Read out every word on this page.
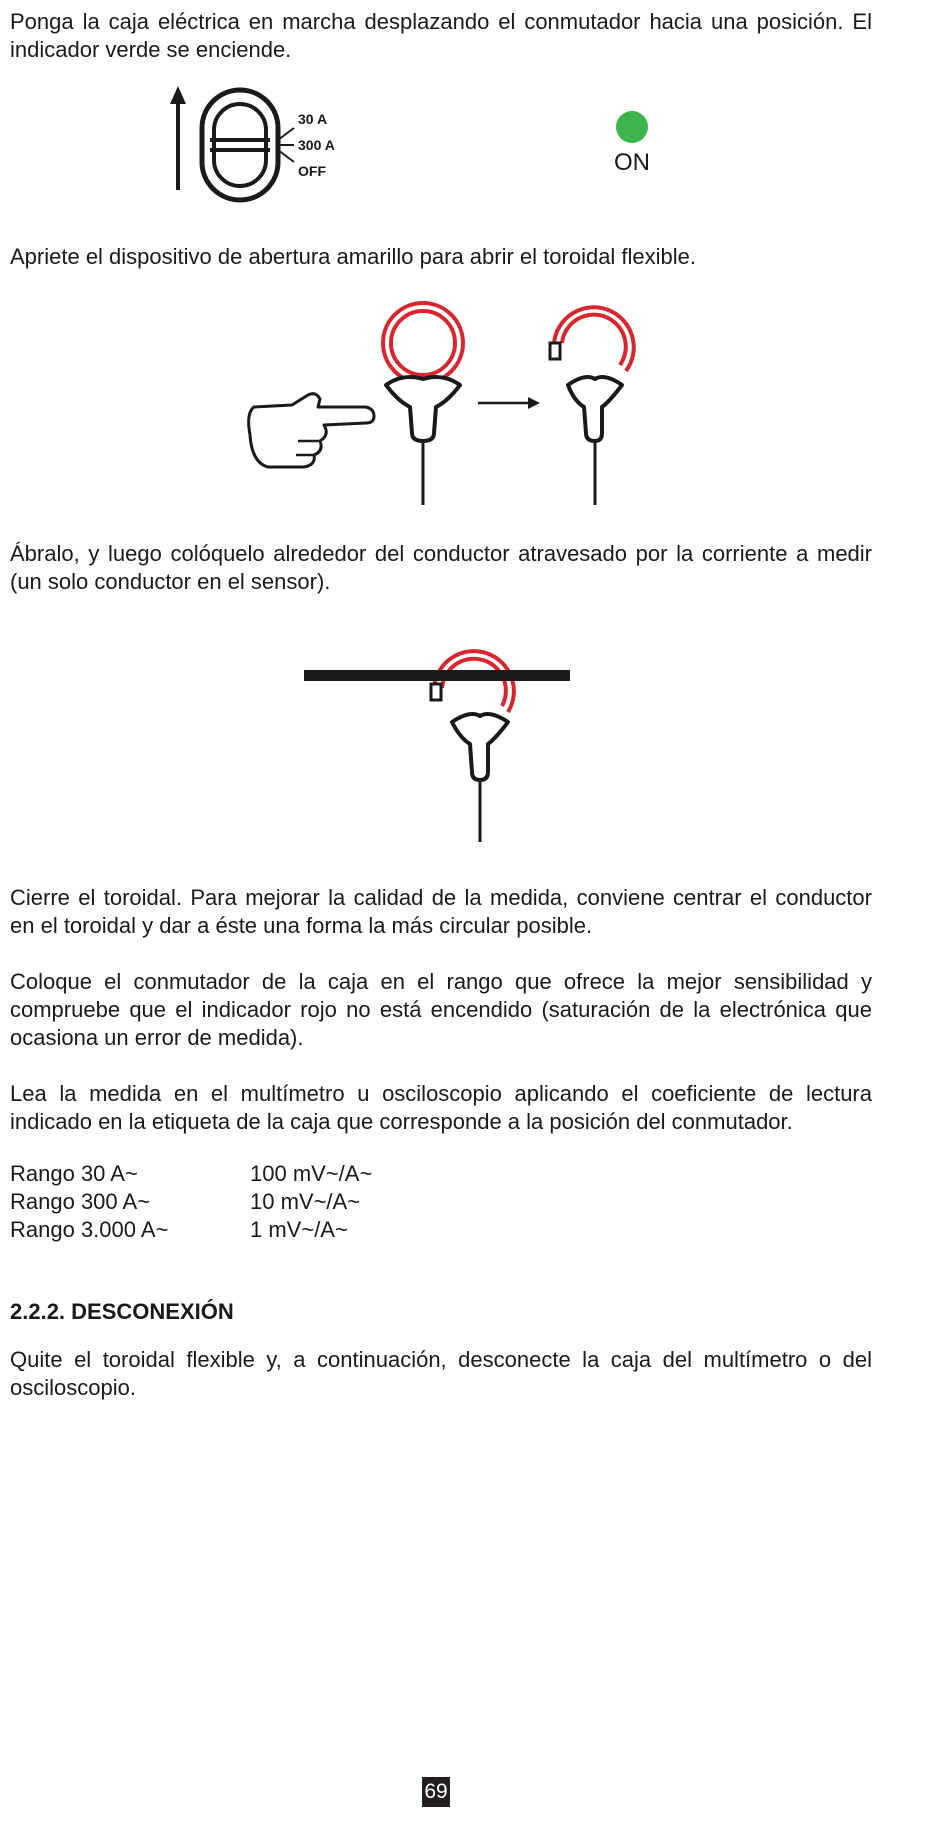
Ponga la caja eléctrica en marcha desplazando el conmutador hacia una posición. El indicador verde se enciende.

30 A
300 A
OFF	ON

Apriete el dispositivo de abertura amarillo para abrir el toroidal flexible.

Ábralo, y luego colóquelo alrededor del conductor atravesado por la corriente a medir (un solo conductor en el sensor).

Cierre el toroidal. Para mejorar la calidad de la medida, conviene centrar el conductor en el toroidal y dar a éste una forma la más circular posible.

Coloque el conmutador de la caja en el rango que ofrece la mejor sensibilidad y compruebe que el indicador rojo no está encendido (saturación de la electrónica que ocasiona un error de medida).

Lea la medida en el multímetro u osciloscopio aplicando el coeficiente de lectura indicado en la etiqueta de la caja que corresponde a la posición del conmutador.

Rango 30 A~	100 mV~/A~
Rango 300 A~	10 mV~/A~
Rango 3.000 A~	1 mV~/A~
2.2.2. DESCONEXIÓN

Quite el toroidal flexible y, a continuación, desconecte la caja del multímetro o del osciloscopio.

69
